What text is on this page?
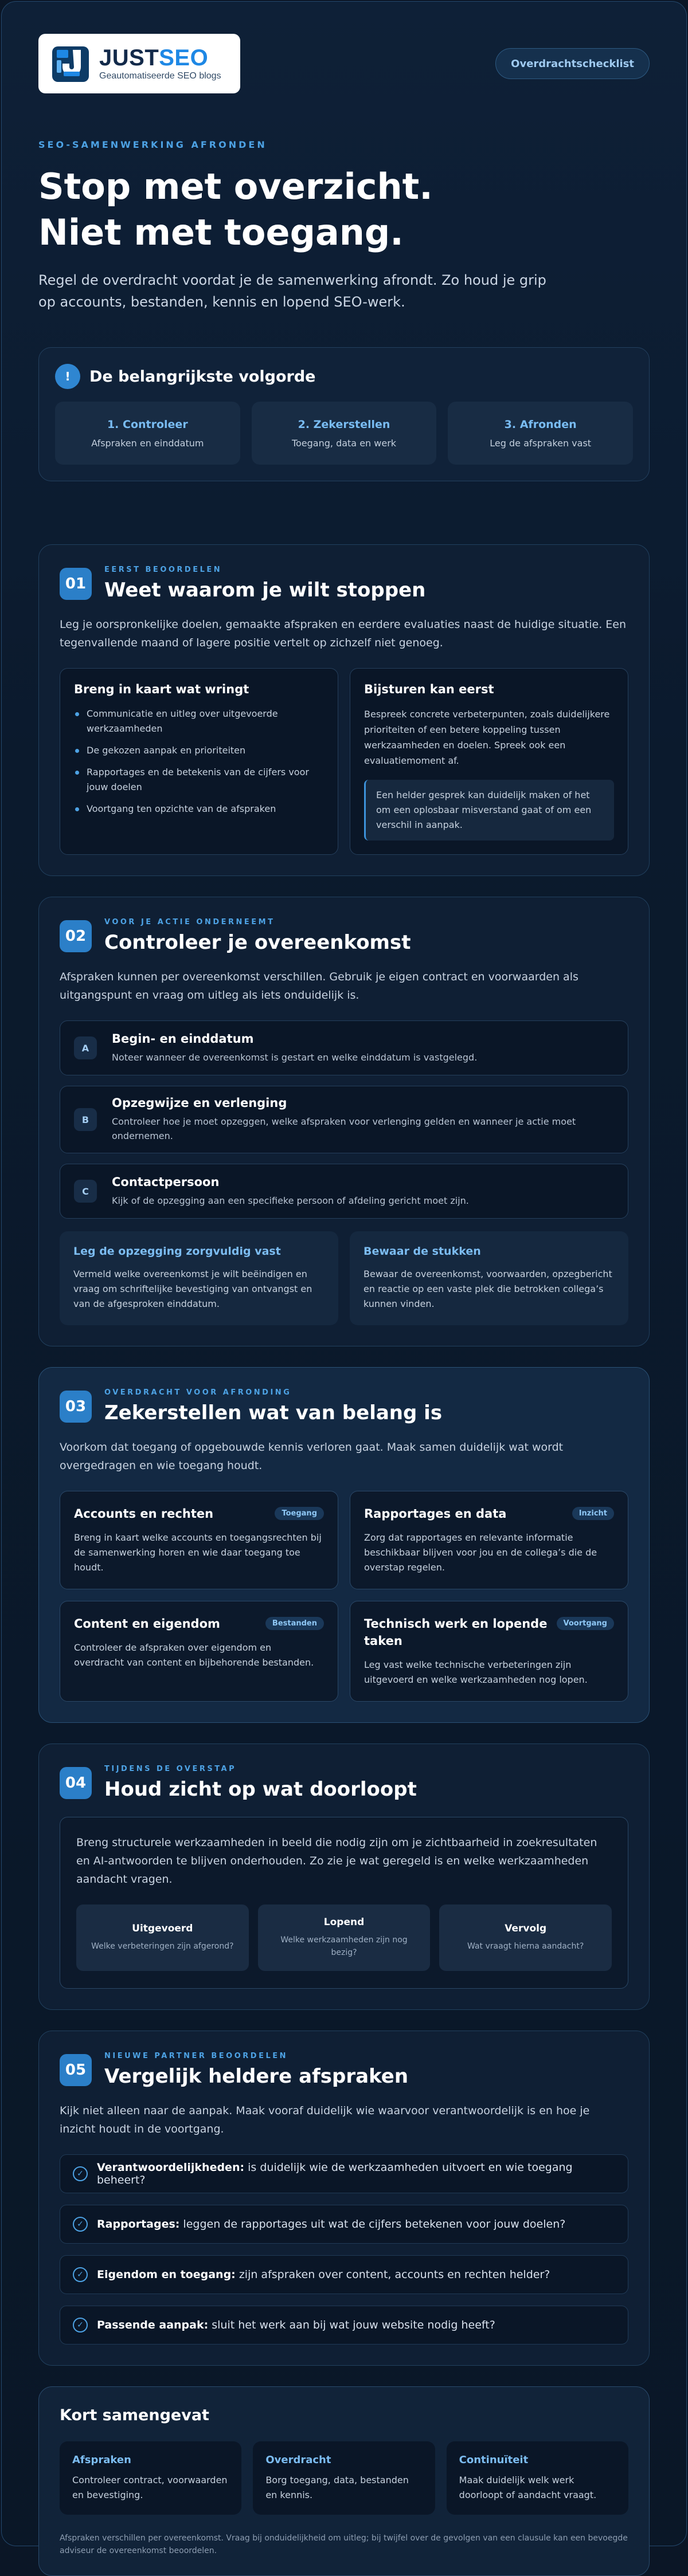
JUSTSEO
Geautomatiseerde SEO blogs
Overdrachtschecklist
SEO-SAMENWERKING AFRONDEN
Stop met overzicht.
Niet met toegang.

Regel de overdracht voordat je de samenwerking afrondt. Zo houd je grip op accounts, bestanden, kennis en lopend SEO-werk.

!	De belangrijkste volgorde
1. Controleer
Afspraken en einddatum
2. Zekerstellen
Toegang, data en werk
3. Afronden
Leg de afspraken vast
01
EERST BEOORDELEN
Weet waarom je wilt stoppen

Leg je oorspronkelijke doelen, gemaakte afspraken en eerdere evaluaties naast de huidige situatie. Een tegenvallende maand of lagere positie vertelt op zichzelf niet genoeg.

Breng in kaart wat wringt
Communicatie en uitleg over uitgevoerde werkzaamheden
De gekozen aanpak en prioriteiten
Rapportages en de betekenis van de cijfers voor jouw doelen
Voortgang ten opzichte van de afspraken
Bijsturen kan eerst

Bespreek concrete verbeterpunten, zoals duidelijkere prioriteiten of een betere koppeling tussen werkzaamheden en doelen. Spreek ook een evaluatiemoment af.

Een helder gesprek kan duidelijk maken of het om een oplosbaar misverstand gaat of om een verschil in aanpak.
02
VOOR JE ACTIE ONDERNEEMT
Controleer je overeenkomst

Afspraken kunnen per overeenkomst verschillen. Gebruik je eigen contract en voorwaarden als uitgangspunt en vraag om uitleg als iets onduidelijk is.

A
Begin- en einddatum
Noteer wanneer de overeenkomst is gestart en welke einddatum is vastgelegd.
B
Opzegwijze en verlenging
Controleer hoe je moet opzeggen, welke afspraken voor verlenging gelden en wanneer je actie moet ondernemen.
C
Contactpersoon
Kijk of de opzegging aan een specifieke persoon of afdeling gericht moet zijn.
Leg de opzegging zorgvuldig vast

Vermeld welke overeenkomst je wilt beëindigen en vraag om schriftelijke bevestiging van ontvangst en van de afgesproken einddatum.

Bewaar de stukken

Bewaar de overeenkomst, voorwaarden, opzegbericht en reactie op een vaste plek die betrokken collega’s kunnen vinden.

03
OVERDRACHT VOOR AFRONDING
Zekerstellen wat van belang is

Voorkom dat toegang of opgebouwde kennis verloren gaat. Maak samen duidelijk wat wordt overgedragen en wie toegang houdt.

Accounts en rechten	Toegang

Breng in kaart welke accounts en toegangsrechten bij de samenwerking horen en wie daar toegang toe houdt.

Rapportages en data	Inzicht

Zorg dat rapportages en relevante informatie beschikbaar blijven voor jou en de collega’s die de overstap regelen.

Content en eigendom	Bestanden

Controleer de afspraken over eigendom en overdracht van content en bijbehorende bestanden.

Technisch werk en lopende taken
Voortgang

Leg vast welke technische verbeteringen zijn uitgevoerd en welke werkzaamheden nog lopen.

04
TIJDENS DE OVERSTAP
Houd zicht op wat doorloopt

Breng structurele werkzaamheden in beeld die nodig zijn om je zichtbaarheid in zoekresultaten en AI-antwoorden te blijven onderhouden. Zo zie je wat geregeld is en welke werkzaamheden aandacht vragen.

Uitgevoerd
Welke verbeteringen zijn afgerond?
Lopend
Welke werkzaamheden zijn nog bezig?
Vervolg
Wat vraagt hierna aandacht?
05
NIEUWE PARTNER BEOORDELEN
Vergelijk heldere afspraken

Kijk niet alleen naar de aanpak. Maak vooraf duidelijk wie waarvoor verantwoordelijk is en hoe je inzicht houdt in de voortgang.

✓	Verantwoordelijkheden: is duidelijk wie de werkzaamheden uitvoert en wie toegang beheert?
✓	Rapportages: leggen de rapportages uit wat de cijfers betekenen voor jouw doelen?
✓	Eigendom en toegang: zijn afspraken over content, accounts en rechten helder?
✓	Passende aanpak: sluit het werk aan bij wat jouw website nodig heeft?
Kort samengevat
Afspraken

Controleer contract, voorwaarden en bevestiging.

Overdracht

Borg toegang, data, bestanden en kennis.

Continuïteit

Maak duidelijk welk werk doorloopt of aandacht vraagt.

Afspraken verschillen per overeenkomst. Vraag bij onduidelijkheid om uitleg; bij twijfel over de gevolgen van een clausule kan een bevoegde adviseur de overeenkomst beoordelen.
